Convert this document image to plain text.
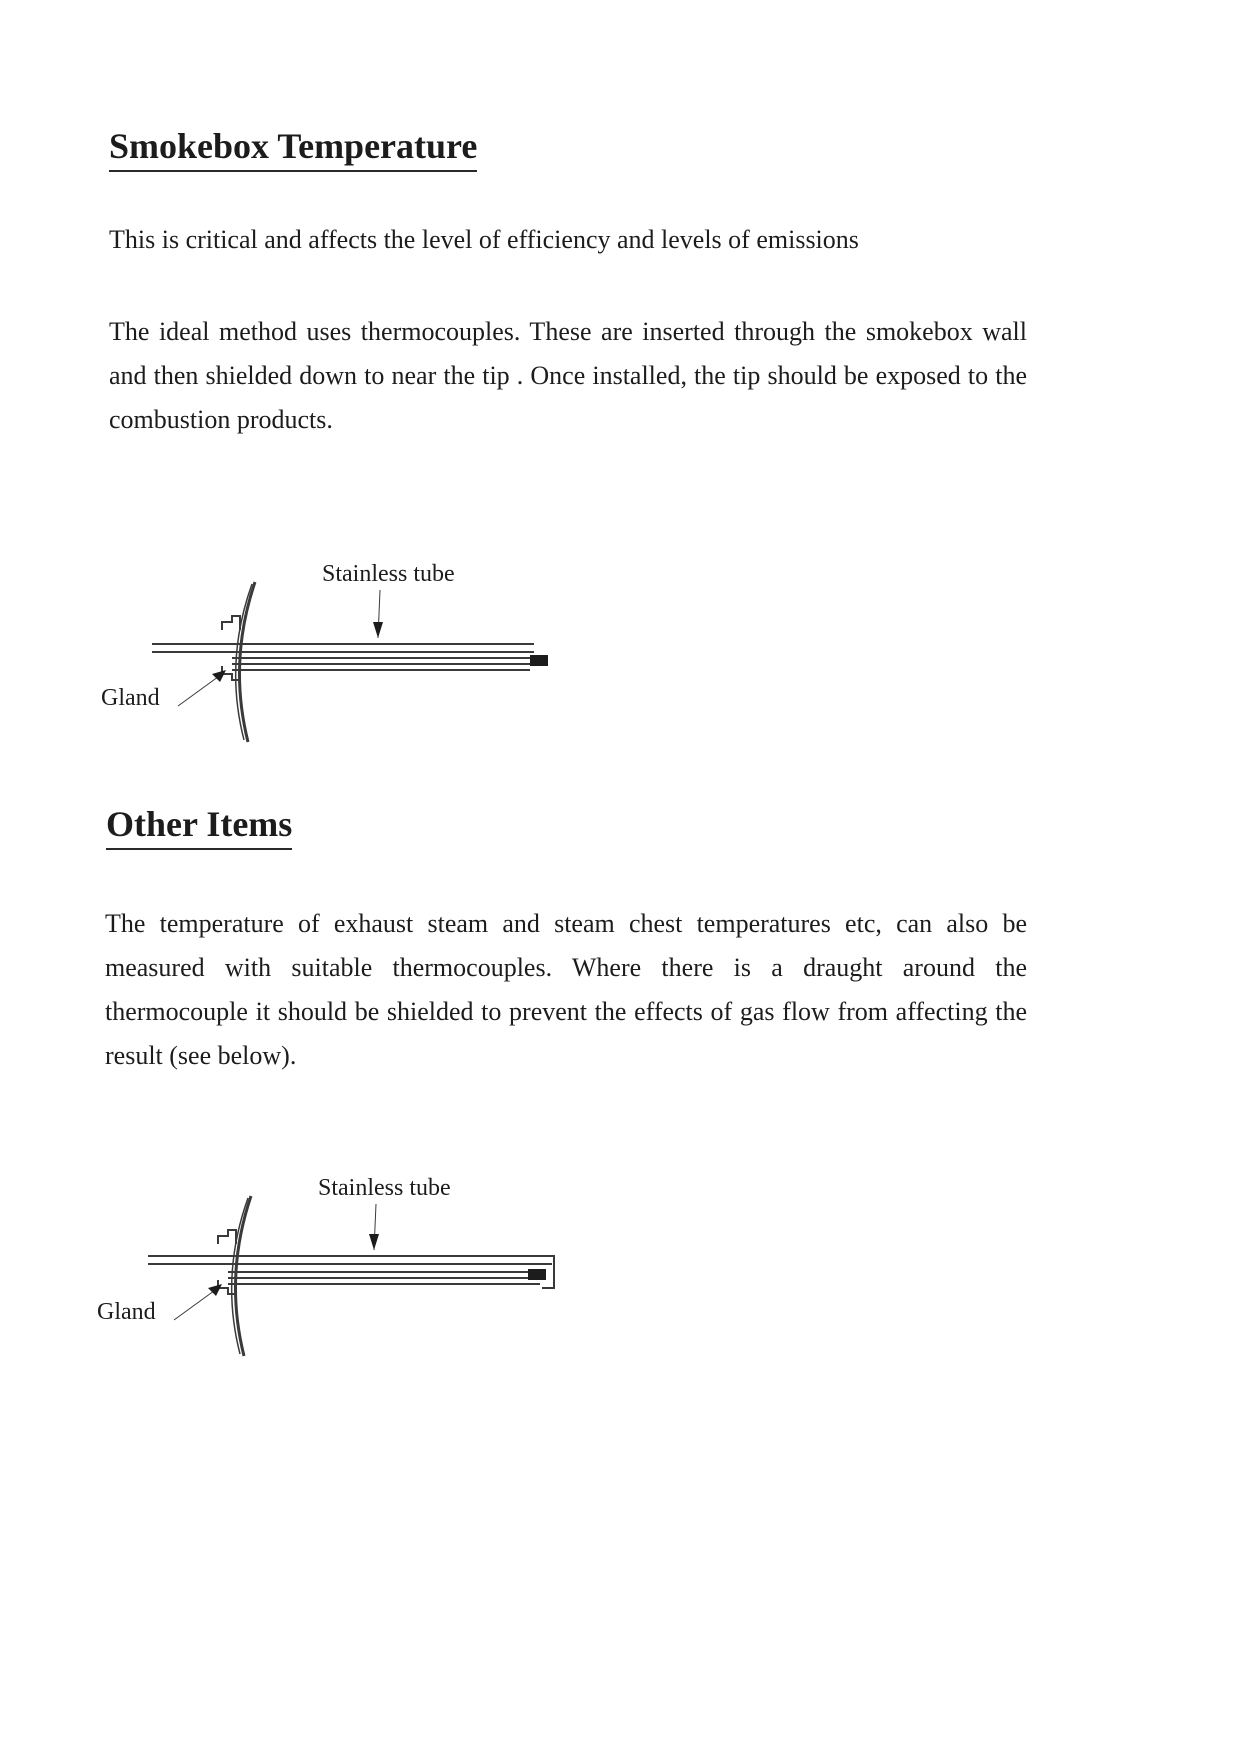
Smokebox Temperature

This is critical and affects the level of efficiency and levels of emissions

The ideal method uses thermocouples. These are inserted through the smokebox wall and then shielded down to near the tip . Once installed, the tip should be exposed to the combustion products.

Stainless tube

Gland

Other Items

The temperature of exhaust steam and steam chest temperatures etc, can also be measured with suitable thermocouples. Where there is a draught around the thermocouple it should be shielded to prevent the effects of gas flow from affecting the result (see below).

Stainless tube

Gland
